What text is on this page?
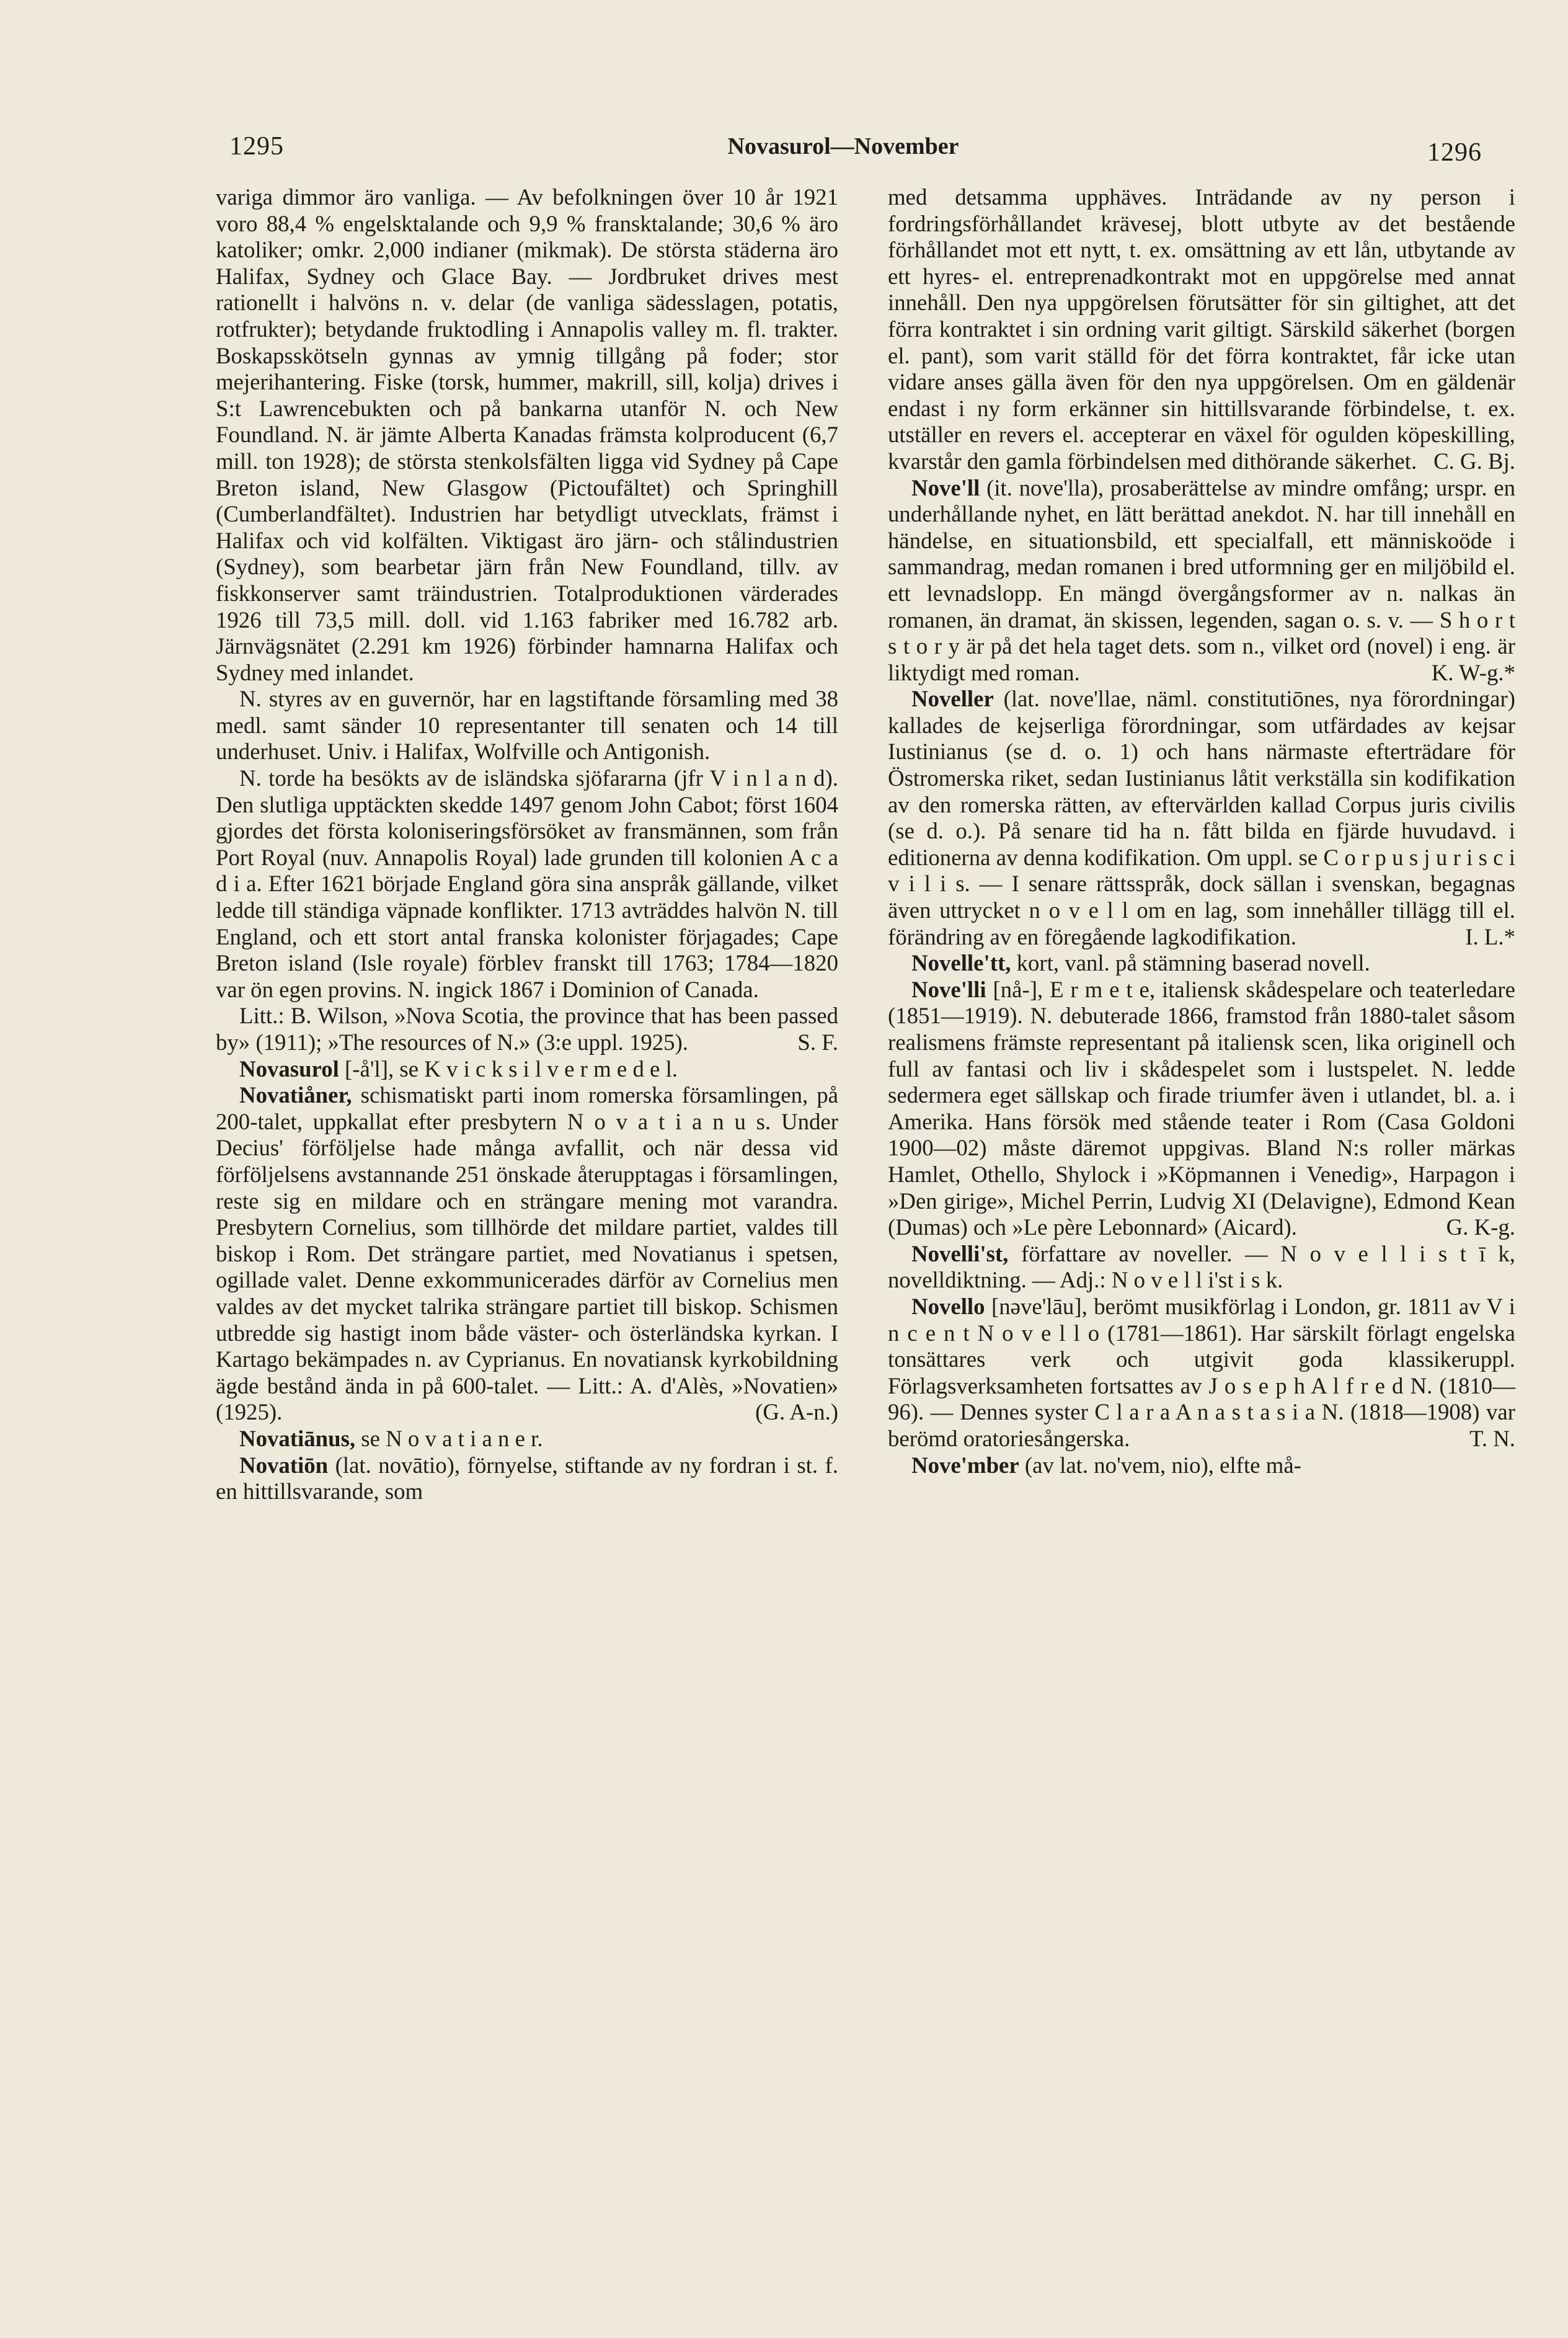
1295	Novasurol—November	1296

variga dimmor äro vanliga. — Av befolkningen över 10 år 1921 voro 88,4 % engelsktalande och 9,9 % fransktalande; 30,6 % äro katoliker; omkr. 2,000 indianer (mikmak). De största städerna äro Halifax, Sydney och Glace Bay. — Jordbruket drives mest rationellt i halvöns n. v. delar (de vanliga sädesslagen, potatis, rotfrukter); betydande fruktodling i Annapolis valley m. fl. trakter. Boskapsskötseln gynnas av ymnig tillgång på foder; stor mejerihantering. Fiske (torsk, hummer, makrill, sill, kolja) drives i S:t Lawrencebukten och på bankarna utanför N. och New Foundland. N. är jämte Alberta Kanadas främsta kolproducent (6,7 mill. ton 1928); de största stenkolsfälten ligga vid Sydney på Cape Breton island, New Glasgow (Pictoufältet) och Springhill (Cumberlandfältet). Industrien har betydligt utvecklats, främst i Halifax och vid kolfälten. Viktigast äro järn- och stålindustrien (Sydney), som bearbetar järn från New Foundland, tillv. av fiskkonserver samt träindustrien. Totalproduktionen värderades 1926 till 73,5 mill. doll. vid 1.163 fabriker med 16.782 arb. Järnvägsnätet (2.291 km 1926) förbinder hamnarna Halifax och Sydney med inlandet.

N. styres av en guvernör, har en lagstiftande församling med 38 medl. samt sänder 10 representanter till senaten och 14 till underhuset. Univ. i Halifax, Wolfville och Antigonish.

N. torde ha besökts av de isländska sjöfararna (jfr V i n l a n d). Den slutliga upptäckten skedde 1497 genom John Cabot; först 1604 gjordes det första koloniseringsförsöket av fransmännen, som från Port Royal (nuv. Annapolis Royal) lade grunden till kolonien A c a d i a. Efter 1621 började England göra sina anspråk gällande, vilket ledde till ständiga väpnade konflikter. 1713 avträddes halvön N. till England, och ett stort antal franska kolonister förjagades; Cape Breton island (Isle royale) förblev franskt till 1763; 1784—1820 var ön egen provins. N. ingick 1867 i Dominion of Canada.

Litt.: B. Wilson, »Nova Scotia, the province that has been passed by» (1911); »The resources of N.» (3:e uppl. 1925).	S. F.

Novasurol [-å'l], se K v i c k s i l v e r m e d e l.

Novatiåner, schismatiskt parti inom romerska församlingen, på 200-talet, uppkallat efter presbytern N o v a t i a n u s. Under Decius' förföljelse hade många avfallit, och när dessa vid förföljelsens avstannande 251 önskade återupptagas i församlingen, reste sig en mildare och en strängare mening mot varandra. Presbytern Cornelius, som tillhörde det mildare partiet, valdes till biskop i Rom. Det strängare partiet, med Novatianus i spetsen, ogillade valet. Denne exkommunicerades därför av Cornelius men valdes av det mycket talrika strängare partiet till biskop. Schismen utbredde sig hastigt inom både väster- och österländska kyrkan. I Kartago bekämpades n. av Cyprianus. En novatiansk kyrkobildning ägde bestånd ända in på 600-talet. — Litt.: A. d'Alès, »Novatien» (1925).	(G. A-n.)

Novatiānus, se N o v a t i a n e r.

Novatiōn (lat. novātio), förnyelse, stiftande av ny fordran i st. f. en hittillsvarande, som

med detsamma upphäves. Inträdande av ny person i fordringsförhållandet krävesej, blott utbyte av det bestående förhållandet mot ett nytt, t. ex. omsättning av ett lån, utbytande av ett hyres- el. entreprenadkontrakt mot en uppgörelse med annat innehåll. Den nya uppgörelsen förutsätter för sin giltighet, att det förra kontraktet i sin ordning varit giltigt. Särskild säkerhet (borgen el. pant), som varit ställd för det förra kontraktet, får icke utan vidare anses gälla även för den nya uppgörelsen. Om en gäldenär endast i ny form erkänner sin hittillsvarande förbindelse, t. ex. utställer en revers el. accepterar en växel för ogulden köpeskilling, kvarstår den gamla förbindelsen med dithörande säkerhet. C. G. Bj.

Nove'll (it. nove'lla), prosaberättelse av mindre omfång; urspr. en underhållande nyhet, en lätt berättad anekdot. N. har till innehåll en händelse, en situationsbild, ett specialfall, ett människoöde i sammandrag, medan romanen i bred utformning ger en miljöbild el. ett levnadslopp. En mängd övergångsformer av n. nalkas än romanen, än dramat, än skissen, legenden, sagan o. s. v. — S h o r t s t o r y är på det hela taget dets. som n., vilket ord (novel) i eng. är liktydigt med roman.	K. W-g.*

Noveller (lat. nove'llae, näml. constitutiōnes, nya förordningar) kallades de kejserliga förordningar, som utfärdades av kejsar Iustinianus (se d. o. 1) och hans närmaste efterträdare för Östromerska riket, sedan Iustinianus låtit verkställa sin kodifikation av den romerska rätten, av eftervärlden kallad Corpus juris civilis (se d. o.). På senare tid ha n. fått bilda en fjärde huvudavd. i editionerna av denna kodifikation. Om uppl. se C o r p u s j u r i s c i v i l i s. — I senare rättsspråk, dock sällan i svenskan, begagnas även uttrycket n o v e l l om en lag, som innehåller tillägg till el. förändring av en föregående lagkodifikation.	I. L.*

Novelle'tt, kort, vanl. på stämning baserad novell.

Nove'lli [nå-], E r m e t e, italiensk skådespelare och teaterledare (1851—1919). N. debuterade 1866, framstod från 1880-talet såsom realismens främste representant på italiensk scen, lika originell och full av fantasi och liv i skådespelet som i lustspelet. N. ledde sedermera eget sällskap och firade triumfer även i utlandet, bl. a. i Amerika. Hans försök med stående teater i Rom (Casa Goldoni 1900—02) måste däremot uppgivas. Bland N:s roller märkas Hamlet, Othello, Shylock i »Köpmannen i Venedig», Harpagon i »Den girige», Michel Perrin, Ludvig XI (Delavigne), Edmond Kean (Dumas) och »Le père Lebonnard» (Aicard).	G. K-g.

Novelli'st, författare av noveller. — N o v e l l i s t ī k, novelldiktning. — Adj.: N o v e l l i'st i s k.

Novello [nəve'lāu], berömt musikförlag i London, gr. 1811 av V i n c e n t N o v e l l o (1781—1861). Har särskilt förlagt engelska tonsättares verk och utgivit goda klassikeruppl. Förlagsverksamheten fortsattes av J o s e p h A l f r e d N. (1810—96). — Dennes syster C l a r a A n a s t a s i a N. (1818—1908) var berömd oratoriesångerska.	T. N.

Nove'mber (av lat. no'vem, nio), elfte må-
